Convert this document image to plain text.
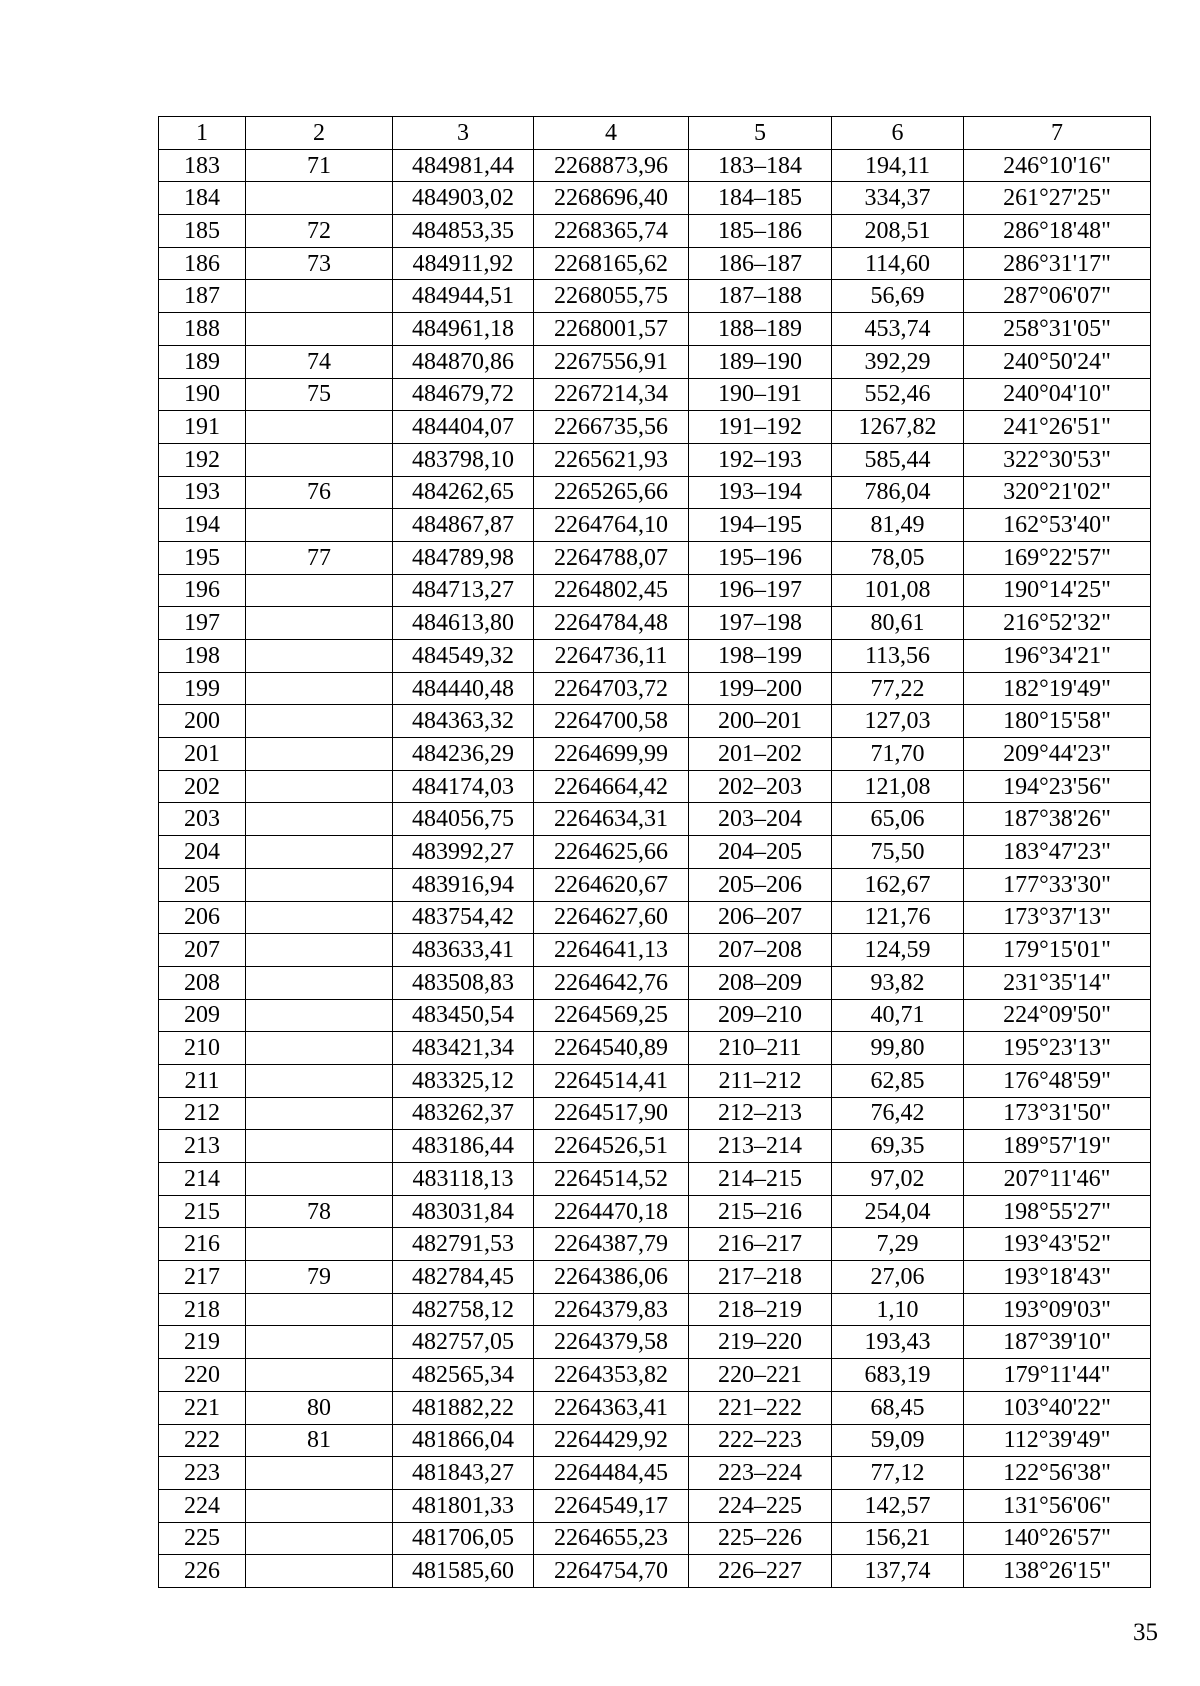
1	2	3	4	5	6	7
183	71	484981,44	2268873,96	183–184	194,11	246°10'16"
184		484903,02	2268696,40	184–185	334,37	261°27'25"
185	72	484853,35	2268365,74	185–186	208,51	286°18'48"
186	73	484911,92	2268165,62	186–187	114,60	286°31'17"
187		484944,51	2268055,75	187–188	56,69	287°06'07"
188		484961,18	2268001,57	188–189	453,74	258°31'05"
189	74	484870,86	2267556,91	189–190	392,29	240°50'24"
190	75	484679,72	2267214,34	190–191	552,46	240°04'10"
191		484404,07	2266735,56	191–192	1267,82	241°26'51"
192		483798,10	2265621,93	192–193	585,44	322°30'53"
193	76	484262,65	2265265,66	193–194	786,04	320°21'02"
194		484867,87	2264764,10	194–195	81,49	162°53'40"
195	77	484789,98	2264788,07	195–196	78,05	169°22'57"
196		484713,27	2264802,45	196–197	101,08	190°14'25"
197		484613,80	2264784,48	197–198	80,61	216°52'32"
198		484549,32	2264736,11	198–199	113,56	196°34'21"
199		484440,48	2264703,72	199–200	77,22	182°19'49"
200		484363,32	2264700,58	200–201	127,03	180°15'58"
201		484236,29	2264699,99	201–202	71,70	209°44'23"
202		484174,03	2264664,42	202–203	121,08	194°23'56"
203		484056,75	2264634,31	203–204	65,06	187°38'26"
204		483992,27	2264625,66	204–205	75,50	183°47'23"
205		483916,94	2264620,67	205–206	162,67	177°33'30"
206		483754,42	2264627,60	206–207	121,76	173°37'13"
207		483633,41	2264641,13	207–208	124,59	179°15'01"
208		483508,83	2264642,76	208–209	93,82	231°35'14"
209		483450,54	2264569,25	209–210	40,71	224°09'50"
210		483421,34	2264540,89	210–211	99,80	195°23'13"
211		483325,12	2264514,41	211–212	62,85	176°48'59"
212		483262,37	2264517,90	212–213	76,42	173°31'50"
213		483186,44	2264526,51	213–214	69,35	189°57'19"
214		483118,13	2264514,52	214–215	97,02	207°11'46"
215	78	483031,84	2264470,18	215–216	254,04	198°55'27"
216		482791,53	2264387,79	216–217	7,29	193°43'52"
217	79	482784,45	2264386,06	217–218	27,06	193°18'43"
218		482758,12	2264379,83	218–219	1,10	193°09'03"
219		482757,05	2264379,58	219–220	193,43	187°39'10"
220		482565,34	2264353,82	220–221	683,19	179°11'44"
221	80	481882,22	2264363,41	221–222	68,45	103°40'22"
222	81	481866,04	2264429,92	222–223	59,09	112°39'49"
223		481843,27	2264484,45	223–224	77,12	122°56'38"
224		481801,33	2264549,17	224–225	142,57	131°56'06"
225		481706,05	2264655,23	225–226	156,21	140°26'57"
226		481585,60	2264754,70	226–227	137,74	138°26'15"
35
